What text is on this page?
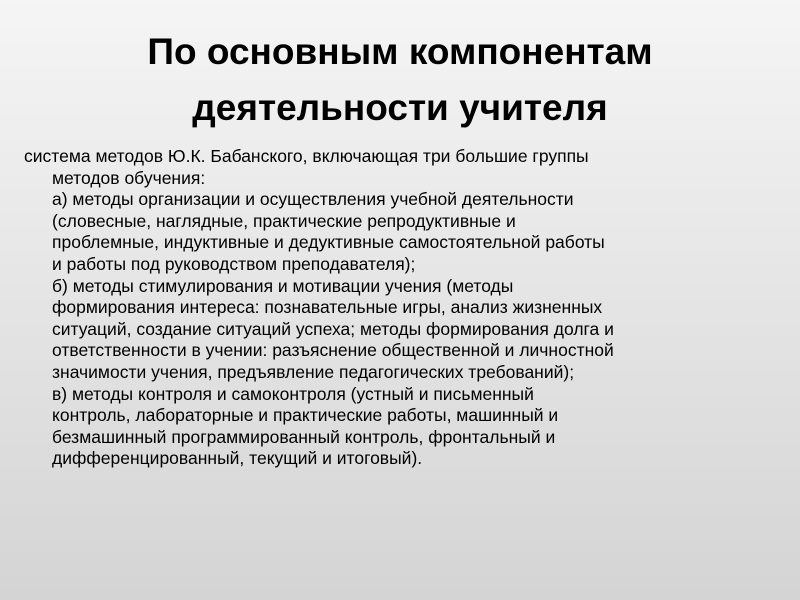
По основным компонентам
деятельности учителя
система методов Ю.К. Бабанского, включающая три большие группы
методов обучения:
а) методы организации и осуществления учебной деятельности
(словесные, наглядные, практические репродуктивные и
проблемные, индуктивные и дедуктивные самостоятельной работы
и работы под руководством преподавателя);
б) методы стимулирования и мотивации учения (методы
формирования интереса: познавательные игры, анализ жизненных
ситуаций, создание ситуаций успеха; методы формирования долга и
ответственности в учении: разъяснение общественной и личностной
значимости учения, предъявление педагогических требований);
в) методы контроля и самоконтроля (устный и письменный
контроль, лабораторные и практические работы, машинный и
безмашинный программированный контроль, фронтальный и
дифференцированный, текущий и итоговый).
